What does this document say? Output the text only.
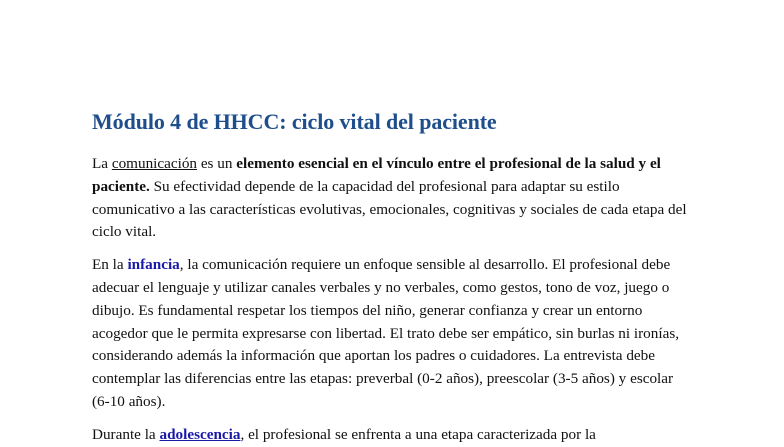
Módulo 4 de HHCC: ciclo vital del paciente

La comunicación es un elemento esencial en el vínculo entre el profesional de la salud y el paciente. Su efectividad depende de la capacidad del profesional para adaptar su estilo comunicativo a las características evolutivas, emocionales, cognitivas y sociales de cada etapa del ciclo vital.

En la infancia, la comunicación requiere un enfoque sensible al desarrollo. El profesional debe adecuar el lenguaje y utilizar canales verbales y no verbales, como gestos, tono de voz, juego o dibujo. Es fundamental respetar los tiempos del niño, generar confianza y crear un entorno acogedor que le permita expresarse con libertad. El trato debe ser empático, sin burlas ni ironías, considerando además la información que aportan los padres o cuidadores. La entrevista debe contemplar las diferencias entre las etapas: preverbal (0-2 años), preescolar (3-5 años) y escolar (6-10 años).

Durante la adolescencia, el profesional se enfrenta a una etapa caracterizada por la
